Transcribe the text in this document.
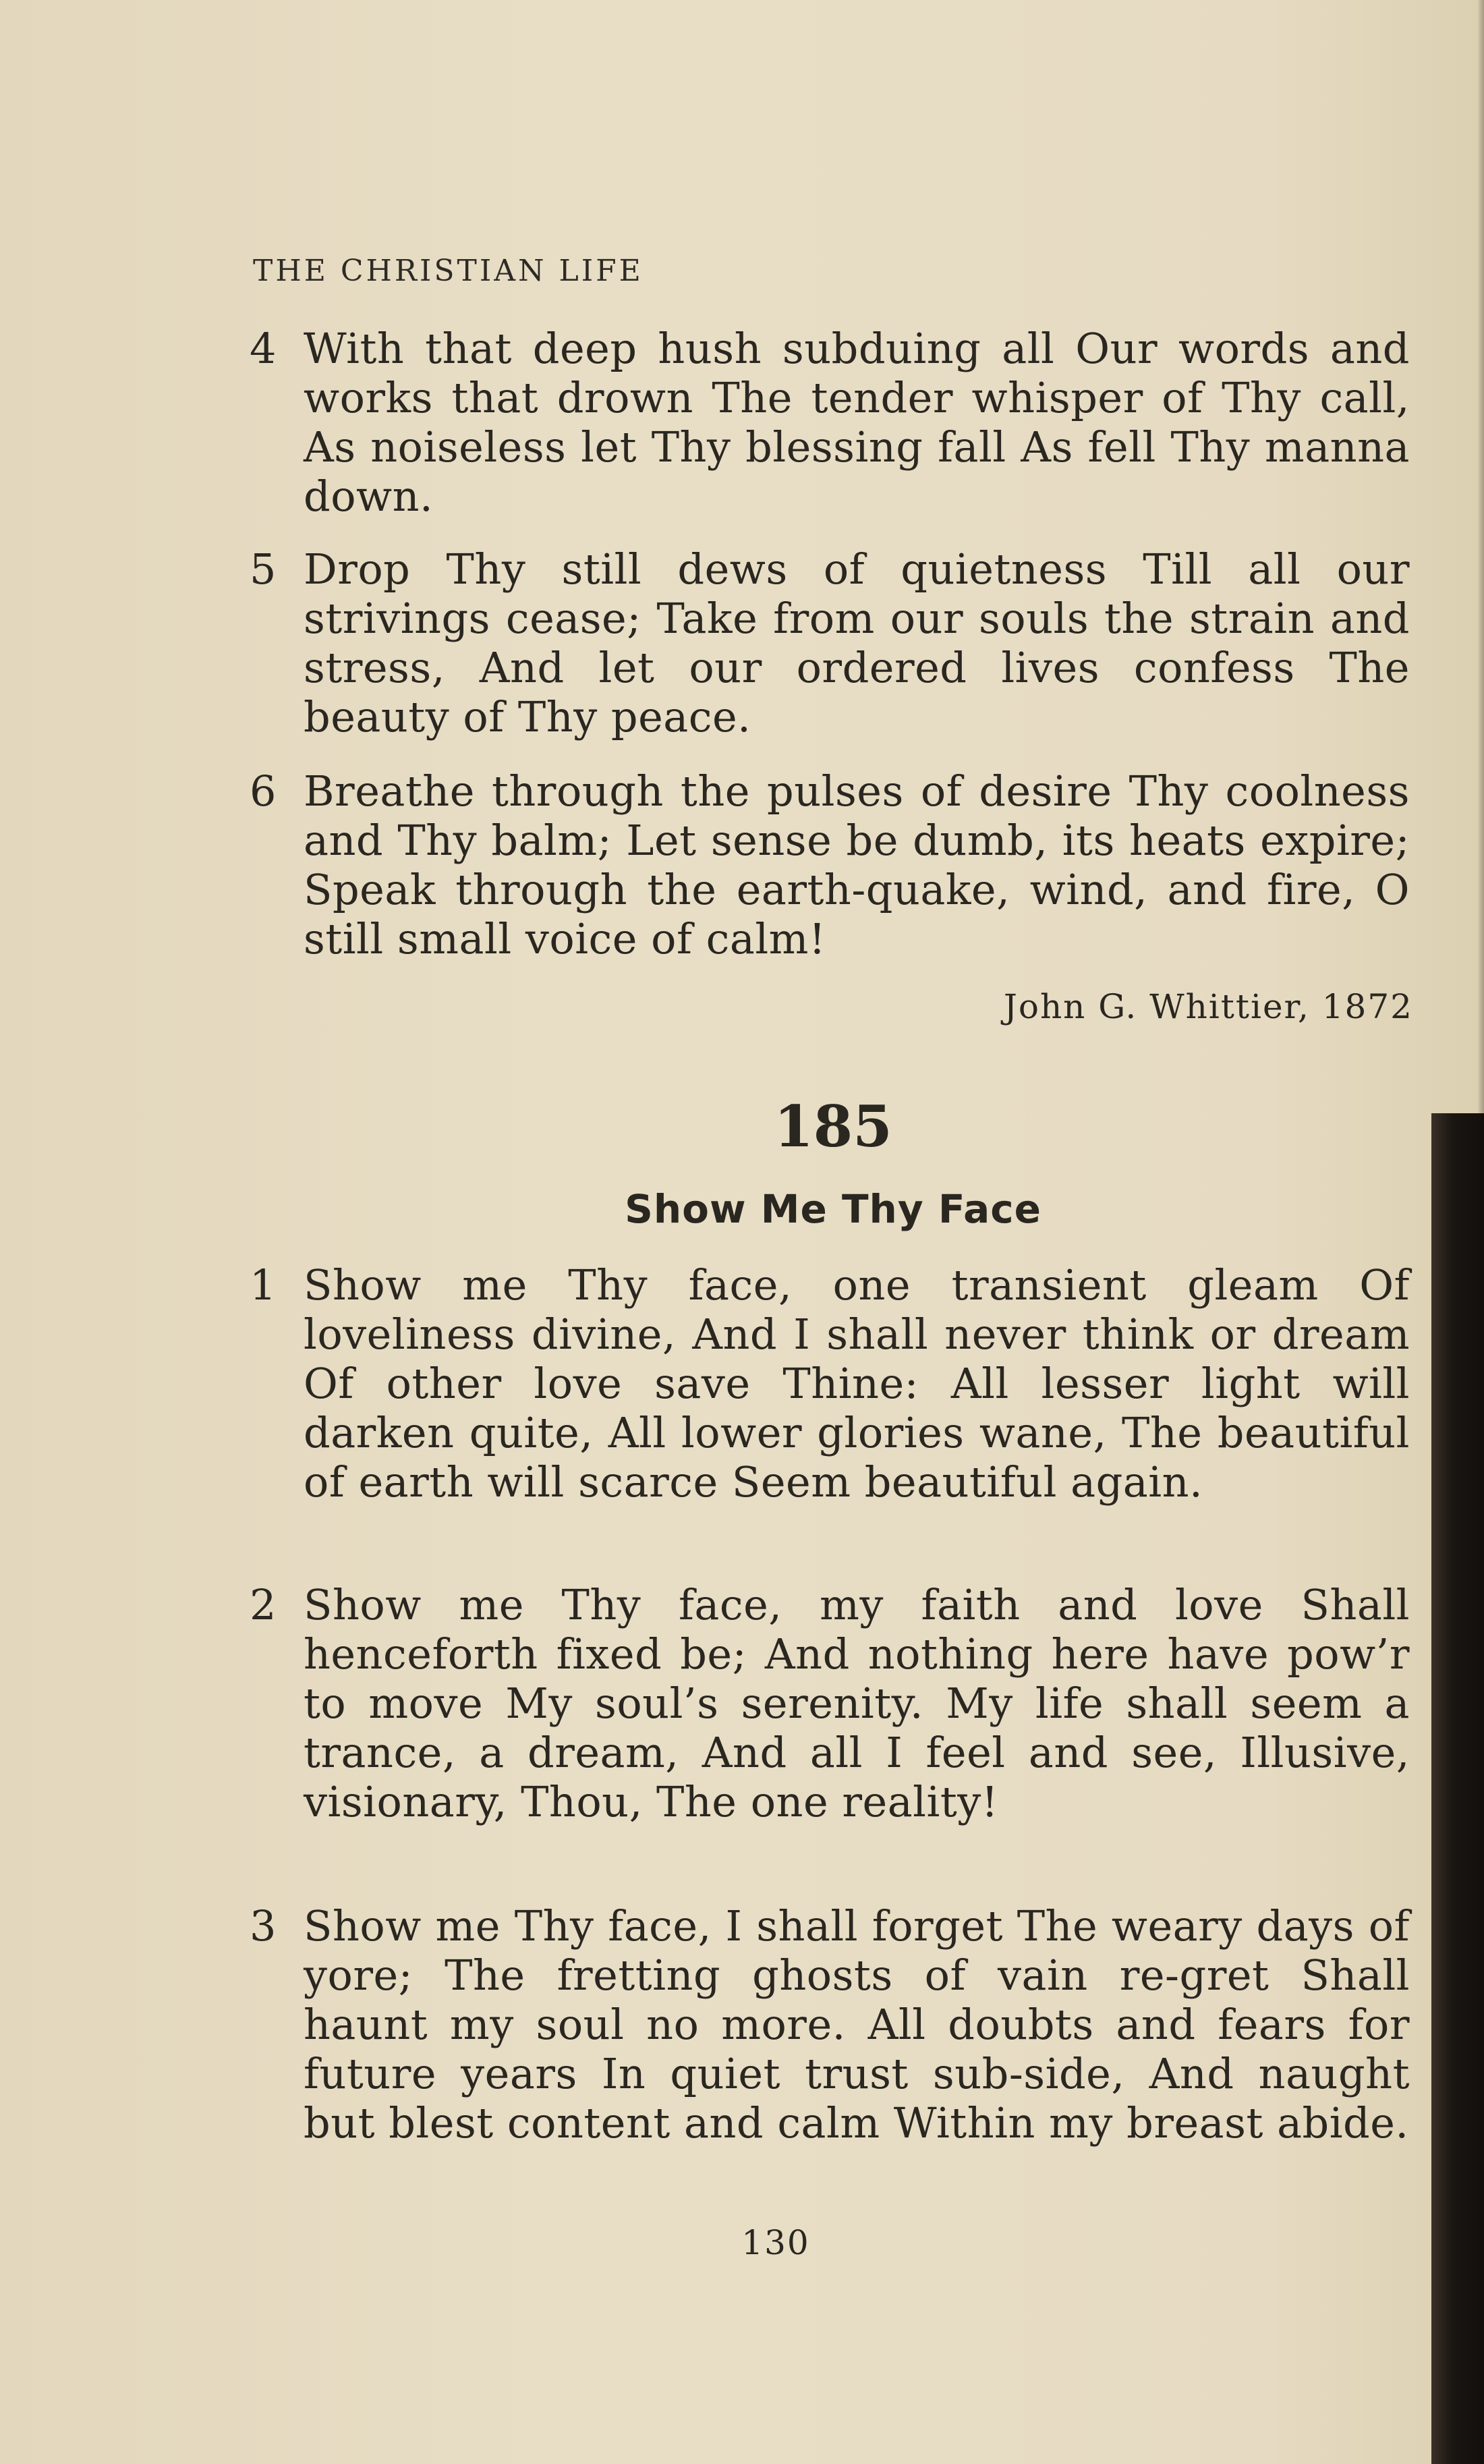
THE CHRISTIAN LIFE
4 With that deep hush subduing all Our words and works that drown The tender whisper of Thy call, As noiseless let Thy blessing fall As fell Thy manna down.
5 Drop Thy still dews of quietness Till all our strivings cease; Take from our souls the strain and stress, And let our ordered lives confess The beauty of Thy peace.
6 Breathe through the pulses of desire Thy coolness and Thy balm; Let sense be dumb, its heats expire; Speak through the earth-quake, wind, and fire, O still small voice of calm!
John G. Whittier, 1872
185
Show Me Thy Face
1 Show me Thy face, one transient gleam Of loveliness divine, And I shall never think or dream Of other love save Thine: All lesser light will darken quite, All lower glories wane, The beautiful of earth will scarce Seem beautiful again.
2 Show me Thy face, my faith and love Shall henceforth fixed be; And nothing here have pow’r to move My soul’s serenity. My life shall seem a trance, a dream, And all I feel and see, Illusive, visionary, Thou, The one reality!
3 Show me Thy face, I shall forget The weary days of yore; The fretting ghosts of vain re-gret Shall haunt my soul no more. All doubts and fears for future years In quiet trust sub-side, And naught but blest content and calm Within my breast abide.
130
